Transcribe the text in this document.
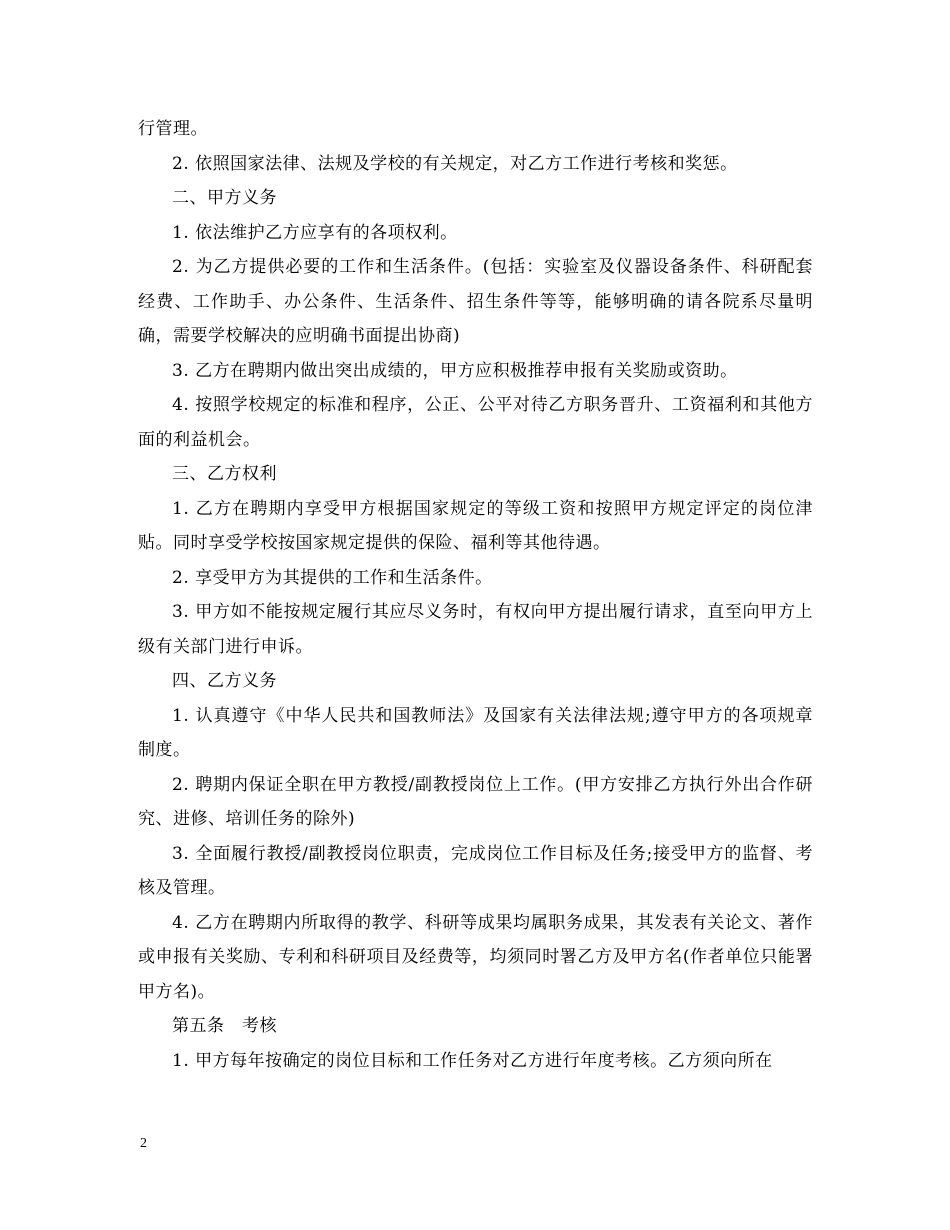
行管理。

2. 依照国家法律、法规及学校的有关规定，对乙方工作进行考核和奖惩。

二、甲方义务

1. 依法维护乙方应享有的各项权利。

2. 为乙方提供必要的工作和生活条件。(包括：实验室及仪器设备条件、科研配套经费、工作助手、办公条件、生活条件、招生条件等等，能够明确的请各院系尽量明确，需要学校解决的应明确书面提出协商)

3. 乙方在聘期内做出突出成绩的，甲方应积极推荐申报有关奖励或资助。

4. 按照学校规定的标准和程序，公正、公平对待乙方职务晋升、工资福利和其他方面的利益机会。

三、乙方权利

1. 乙方在聘期内享受甲方根据国家规定的等级工资和按照甲方规定评定的岗位津贴。同时享受学校按国家规定提供的保险、福利等其他待遇。

2. 享受甲方为其提供的工作和生活条件。

3. 甲方如不能按规定履行其应尽义务时，有权向甲方提出履行请求，直至向甲方上级有关部门进行申诉。

四、乙方义务

1. 认真遵守《中华人民共和国教师法》及国家有关法律法规;遵守甲方的各项规章制度。

2. 聘期内保证全职在甲方教授/副教授岗位上工作。(甲方安排乙方执行外出合作研究、进修、培训任务的除外)

3. 全面履行教授/副教授岗位职责，完成岗位工作目标及任务;接受甲方的监督、考核及管理。

4. 乙方在聘期内所取得的教学、科研等成果均属职务成果，其发表有关论文、著作或申报有关奖励、专利和科研项目及经费等，均须同时署乙方及甲方名(作者单位只能署甲方名)。

第五条　考核

1. 甲方每年按确定的岗位目标和工作任务对乙方进行年度考核。乙方须向所在

2
